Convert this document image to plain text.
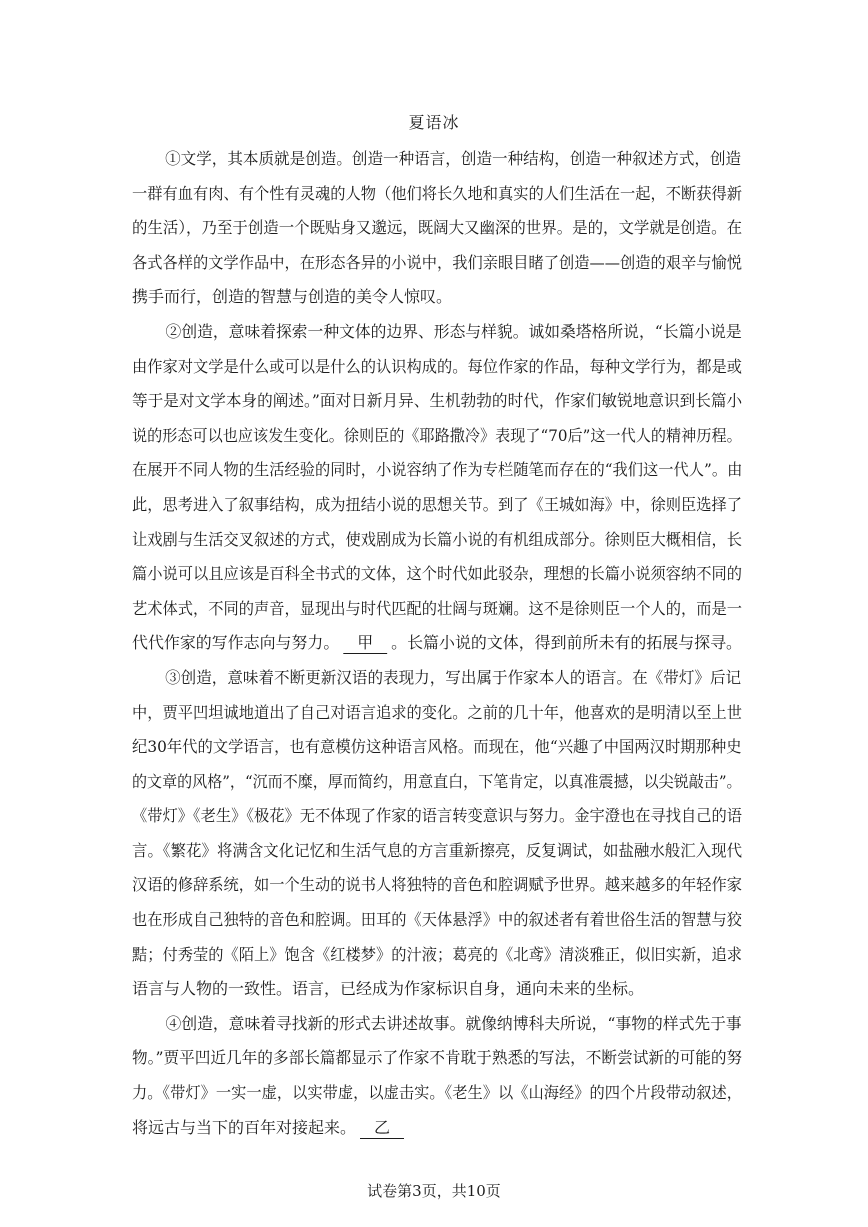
夏语冰
①文学，其本质就是创造。创造一种语言，创造一种结构，创造一种叙述方式，创造
一群有血有肉、有个性有灵魂的人物（他们将长久地和真实的人们生活在一起，不断获得新
的生活），乃至于创造一个既贴身又邈远，既阔大又幽深的世界。是的，文学就是创造。在
各式各样的文学作品中，在形态各异的小说中，我们亲眼目睹了创造——创造的艰辛与愉悦
携手而行，创造的智慧与创造的美令人惊叹。
②创造，意味着探索一种文体的边界、形态与样貌。诚如桑塔格所说，“长篇小说是
由作家对文学是什么或可以是什么的认识构成的。每位作家的作品，每种文学行为，都是或
等于是对文学本身的阐述。”面对日新月异、生机勃勃的时代，作家们敏锐地意识到长篇小
说的形态可以也应该发生变化。徐则臣的《耶路撒冷》表现了“70后”这一代人的精神历程。
在展开不同人物的生活经验的同时，小说容纳了作为专栏随笔而存在的“我们这一代人”。由
此，思考进入了叙事结构，成为扭结小说的思想关节。到了《王城如海》中，徐则臣选择了
让戏剧与生活交叉叙述的方式，使戏剧成为长篇小说的有机组成部分。徐则臣大概相信，长
篇小说可以且应该是百科全书式的文体，这个时代如此驳杂，理想的长篇小说须容纳不同的
艺术体式，不同的声音，显现出与时代匹配的壮阔与斑斓。这不是徐则臣一个人的，而是一
代代作家的写作志向与努力。 甲 。长篇小说的文体，得到前所未有的拓展与探寻。
③创造，意味着不断更新汉语的表现力，写出属于作家本人的语言。在《带灯》后记
中，贾平凹坦诚地道出了自己对语言追求的变化。之前的几十年，他喜欢的是明清以至上世
纪30年代的文学语言，也有意模仿这种语言风格。而现在，他“兴趣了中国两汉时期那种史
的文章的风格”，“沉而不糜，厚而简约，用意直白，下笔肯定，以真准震撼，以尖锐敲击”。
《带灯》《老生》《极花》无不体现了作家的语言转变意识与努力。金宇澄也在寻找自己的语
言。《繁花》将满含文化记忆和生活气息的方言重新擦亮，反复调试，如盐融水般汇入现代
汉语的修辞系统，如一个生动的说书人将独特的音色和腔调赋予世界。越来越多的年轻作家
也在形成自己独特的音色和腔调。田耳的《天体悬浮》中的叙述者有着世俗生活的智慧与狡
黠；付秀莹的《陌上》饱含《红楼梦》的汁液；葛亮的《北鸢》清淡雅正，似旧实新，追求
语言与人物的一致性。语言，已经成为作家标识自身，通向未来的坐标。
④创造，意味着寻找新的形式去讲述故事。就像纳博科夫所说，“事物的样式先于事
物。”贾平凹近几年的多部长篇都显示了作家不肯耽于熟悉的写法，不断尝试新的可能的努
力。《带灯》一实一虚，以实带虚，以虚击实。《老生》以《山海经》的四个片段带动叙述，
将远古与当下的百年对接起来。 乙
试卷第3页，共10页
